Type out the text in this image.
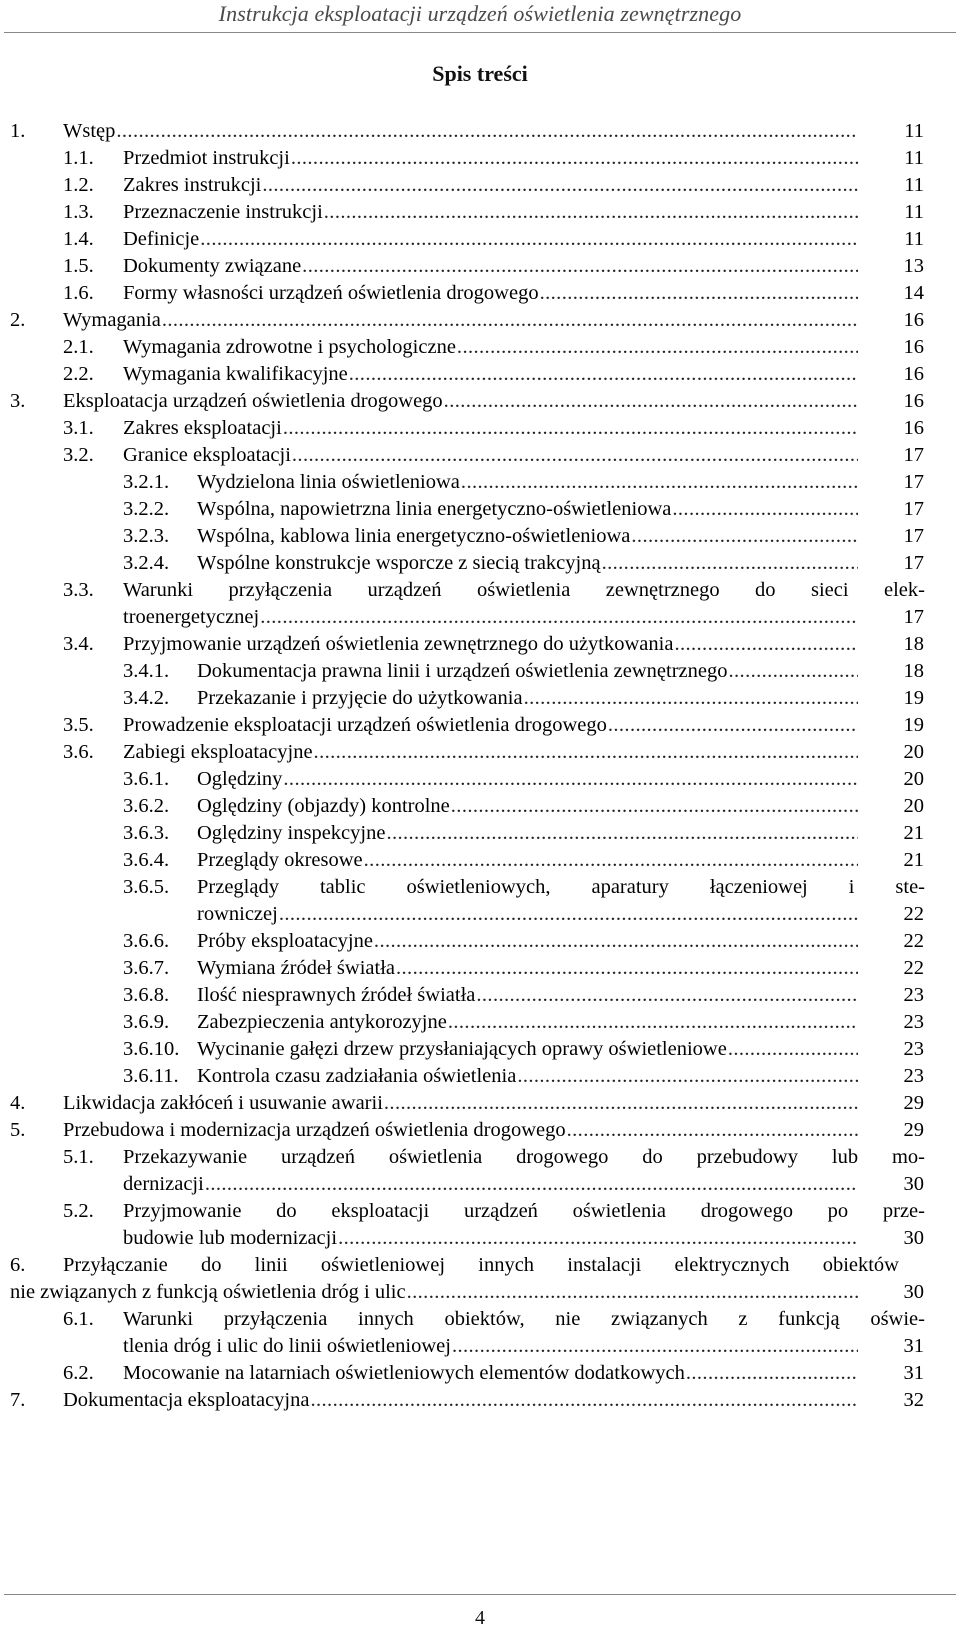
Instrukcja eksploatacji urządzeń oświetlenia zewnętrznego
Spis treści
1. Wstęp .....	11
1.1. Przedmiot instrukcji .....	11
1.2. Zakres instrukcji .....	11
1.3. Przeznaczenie instrukcji .....	11
1.4. Definicje .....	11
1.5. Dokumenty związane .....	13
1.6. Formy własności urządzeń oświetlenia drogowego .....	14
2. Wymagania .....	16
2.1. Wymagania zdrowotne i psychologiczne .....	16
2.2. Wymagania kwalifikacyjne .....	16
3. Eksploatacja urządzeń oświetlenia drogowego .....	16
3.1. Zakres eksploatacji .....	16
3.2. Granice eksploatacji .....	17
3.2.1. Wydzielona linia oświetleniowa .....	17
3.2.2. Wspólna, napowietrzna linia energetyczno-oświetleniowa .....	17
3.2.3. Wspólna, kablowa linia energetyczno-oświetleniowa .....	17
3.2.4. Wspólne konstrukcje wsporcze z siecią trakcyjną .....	17
3.3. Warunki przyłączenia urządzeń oświetlenia zewnętrznego do sieci elek-
troenergetycznej .....	17
3.4. Przyjmowanie urządzeń oświetlenia zewnętrznego do użytkowania .....	18
3.4.1. Dokumentacja prawna linii i urządzeń oświetlenia zewnętrznego .....	18
3.4.2. Przekazanie i przyjęcie do użytkowania .....	19
3.5. Prowadzenie eksploatacji urządzeń oświetlenia drogowego .....	19
3.6. Zabiegi eksploatacyjne .....	20
3.6.1. Oględziny .....	20
3.6.2. Oględziny (objazdy) kontrolne .....	20
3.6.3. Oględziny inspekcyjne .....	21
3.6.4. Przeglądy okresowe .....	21
3.6.5. Przeglądy tablic oświetleniowych, aparatury łączeniowej i ste-
rowniczej .....	22
3.6.6. Próby eksploatacyjne .....	22
3.6.7. Wymiana źródeł światła .....	22
3.6.8. Ilość niesprawnych źródeł światła .....	23
3.6.9. Zabezpieczenia antykorozyjne .....	23
3.6.10. Wycinanie gałęzi drzew przysłaniających oprawy oświetleniowe .....	23
3.6.11. Kontrola czasu zadziałania oświetlenia .....	23
4. Likwidacja zakłóceń i usuwanie awarii .....	29
5. Przebudowa i modernizacja urządzeń oświetlenia drogowego .....	29
5.1. Przekazywanie urządzeń oświetlenia drogowego do przebudowy lub mo-
dernizacji .....	30
5.2. Przyjmowanie do eksploatacji urządzeń oświetlenia drogowego po prze-
budowie lub modernizacji .....	30
6. Przyłączanie do linii oświetleniowej innych instalacji elektrycznych obiektów
nie związanych z funkcją oświetlenia dróg i ulic .....	30
6.1. Warunki przyłączenia innych obiektów, nie związanych z funkcją oświe-
tlenia dróg i ulic do linii oświetleniowej .....	31
6.2. Mocowanie na latarniach oświetleniowych elementów dodatkowych .....	31
7. Dokumentacja eksploatacyjna .....	32
4
